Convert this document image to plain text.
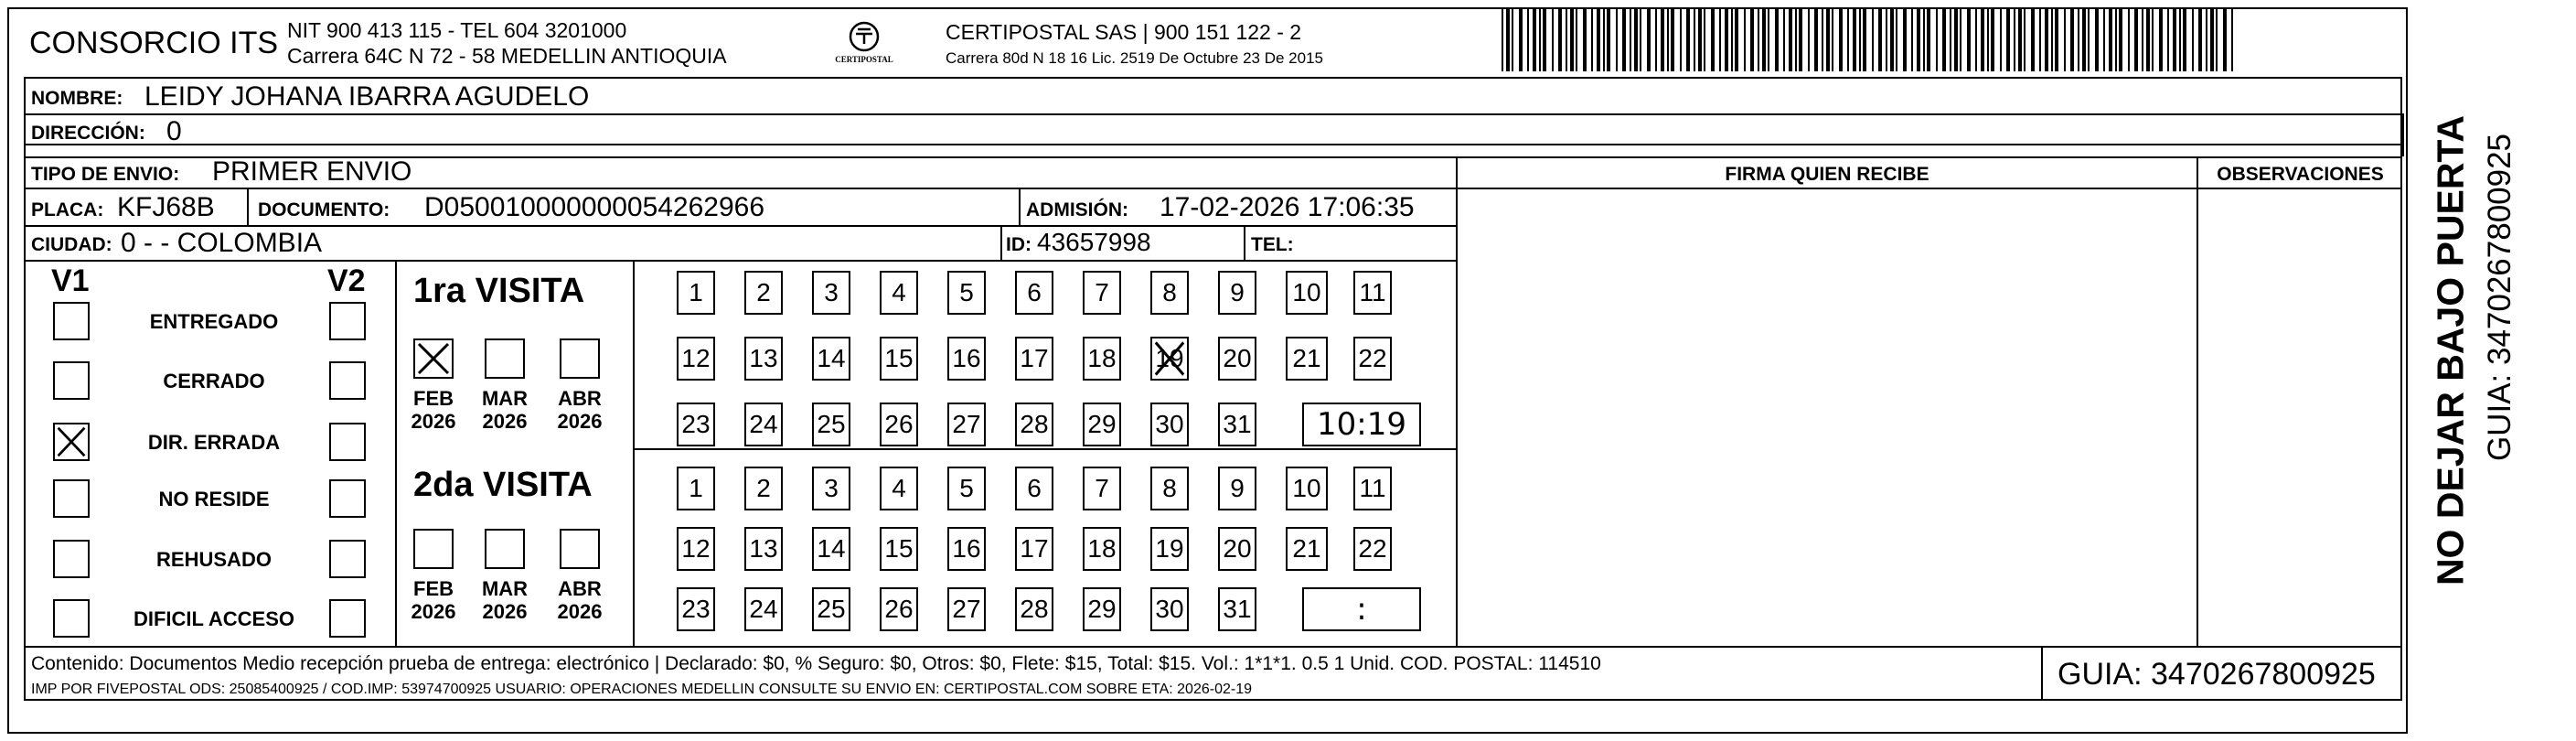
CONSORCIO ITS NIT 900 413 115 - TEL 604 3201000
Carrera 64C N 72 - 58 MEDELLIN ANTIOQUIA	CERTIPOSTAL
CERTIPOSTAL SAS | 900 151 122 - 2
Carrera 80d N 18 16 Lic. 2519 De Octubre 23 De 2015
NOMBRE: LEIDY JOHANA IBARRA AGUDELO
DIRECCIÓN: 0
TIPO DE ENVIO: PRIMER ENVIO	FIRMA QUIEN RECIBE	OBSERVACIONES
PLACA: KFJ68B DOCUMENTO: D050010000000054262966	ADMISIÓN: 17-02-2026 17:06:35
CIUDAD: 0 - - COLOMBIA	ID: 43657998	TEL:
V1	V2
ENTREGADO
CERRADO
DIR. ERRADA
NO RESIDE
REHUSADO
DIFICIL ACCESO
1ra VISITA
2da VISITA
FEB
2026
MAR
2026
ABR
2026
FEB
2026
MAR
2026
ABR
2026
1	2	3	4	5	6	7	8	9	10 11
12 13 14 15 16 17 18 19 20 21 22
23 24 25 26 27 28 29 30 31	10:19
1	2	3	4	5	6	7	8	9	10 11
12 13 14 15 16 17 18 19 20 21 22
23 24 25 26 27 28 29 30 31	:
Contenido: Documentos Medio recepción prueba de entrega: electrónico | Declarado: $0, % Seguro: $0, Otros: $0, Flete: $15, Total: $15. Vol.: 1*1*1. 0.5 1 Unid. COD. POSTAL: 114510
IMP POR FIVEPOSTAL ODS: 25085400925 / COD.IMP: 53974700925 USUARIO: OPERACIONES MEDELLIN CONSULTE SU ENVIO EN: CERTIPOSTAL.COM SOBRE ETA: 2026-02-19	GUIA: 3470267800925
NO DEJAR BAJO PUERTA GUIA: 3470267800925
